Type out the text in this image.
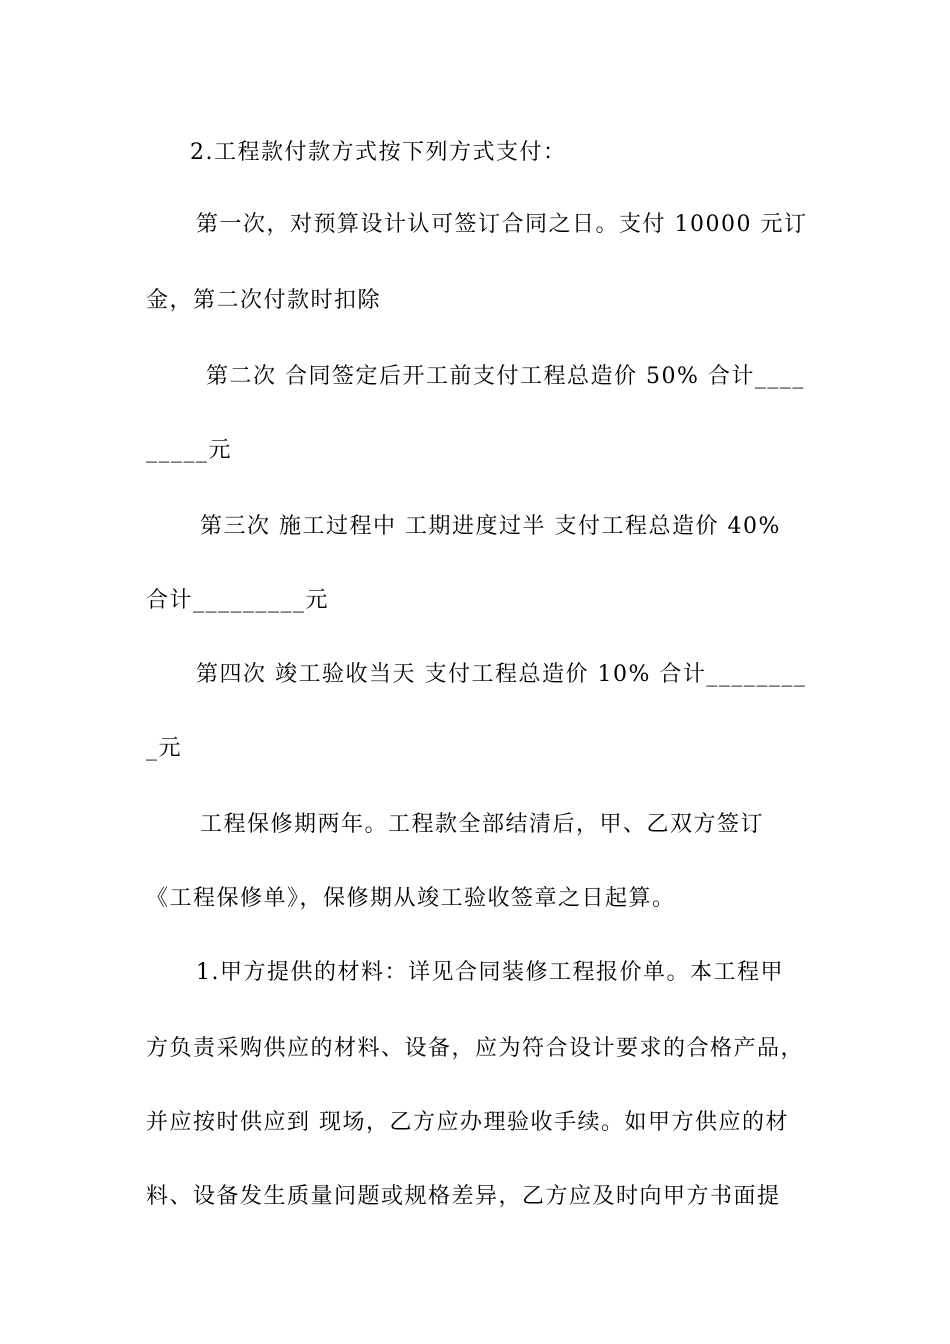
2.工程款付款方式按下列方式支付：
第一次，对预算设计认可签订合同之日。支付 10000 元订
金，第二次付款时扣除
第二次 合同签定后开工前支付工程总造价 50% 合计____
_____元
第三次 施工过程中 工期进度过半 支付工程总造价 40%
合计_________元
第四次 竣工验收当天 支付工程总造价 10% 合计________
_元
工程保修期两年。工程款全部结清后，甲、乙双方签订
《工程保修单》，保修期从竣工验收签章之日起算。
1.甲方提供的材料：详见合同装修工程报价单。本工程甲
方负责采购供应的材料、设备，应为符合设计要求的合格产品，
并应按时供应到 现场，乙方应办理验收手续。如甲方供应的材
料、设备发生质量问题或规格差异，乙方应及时向甲方书面提
